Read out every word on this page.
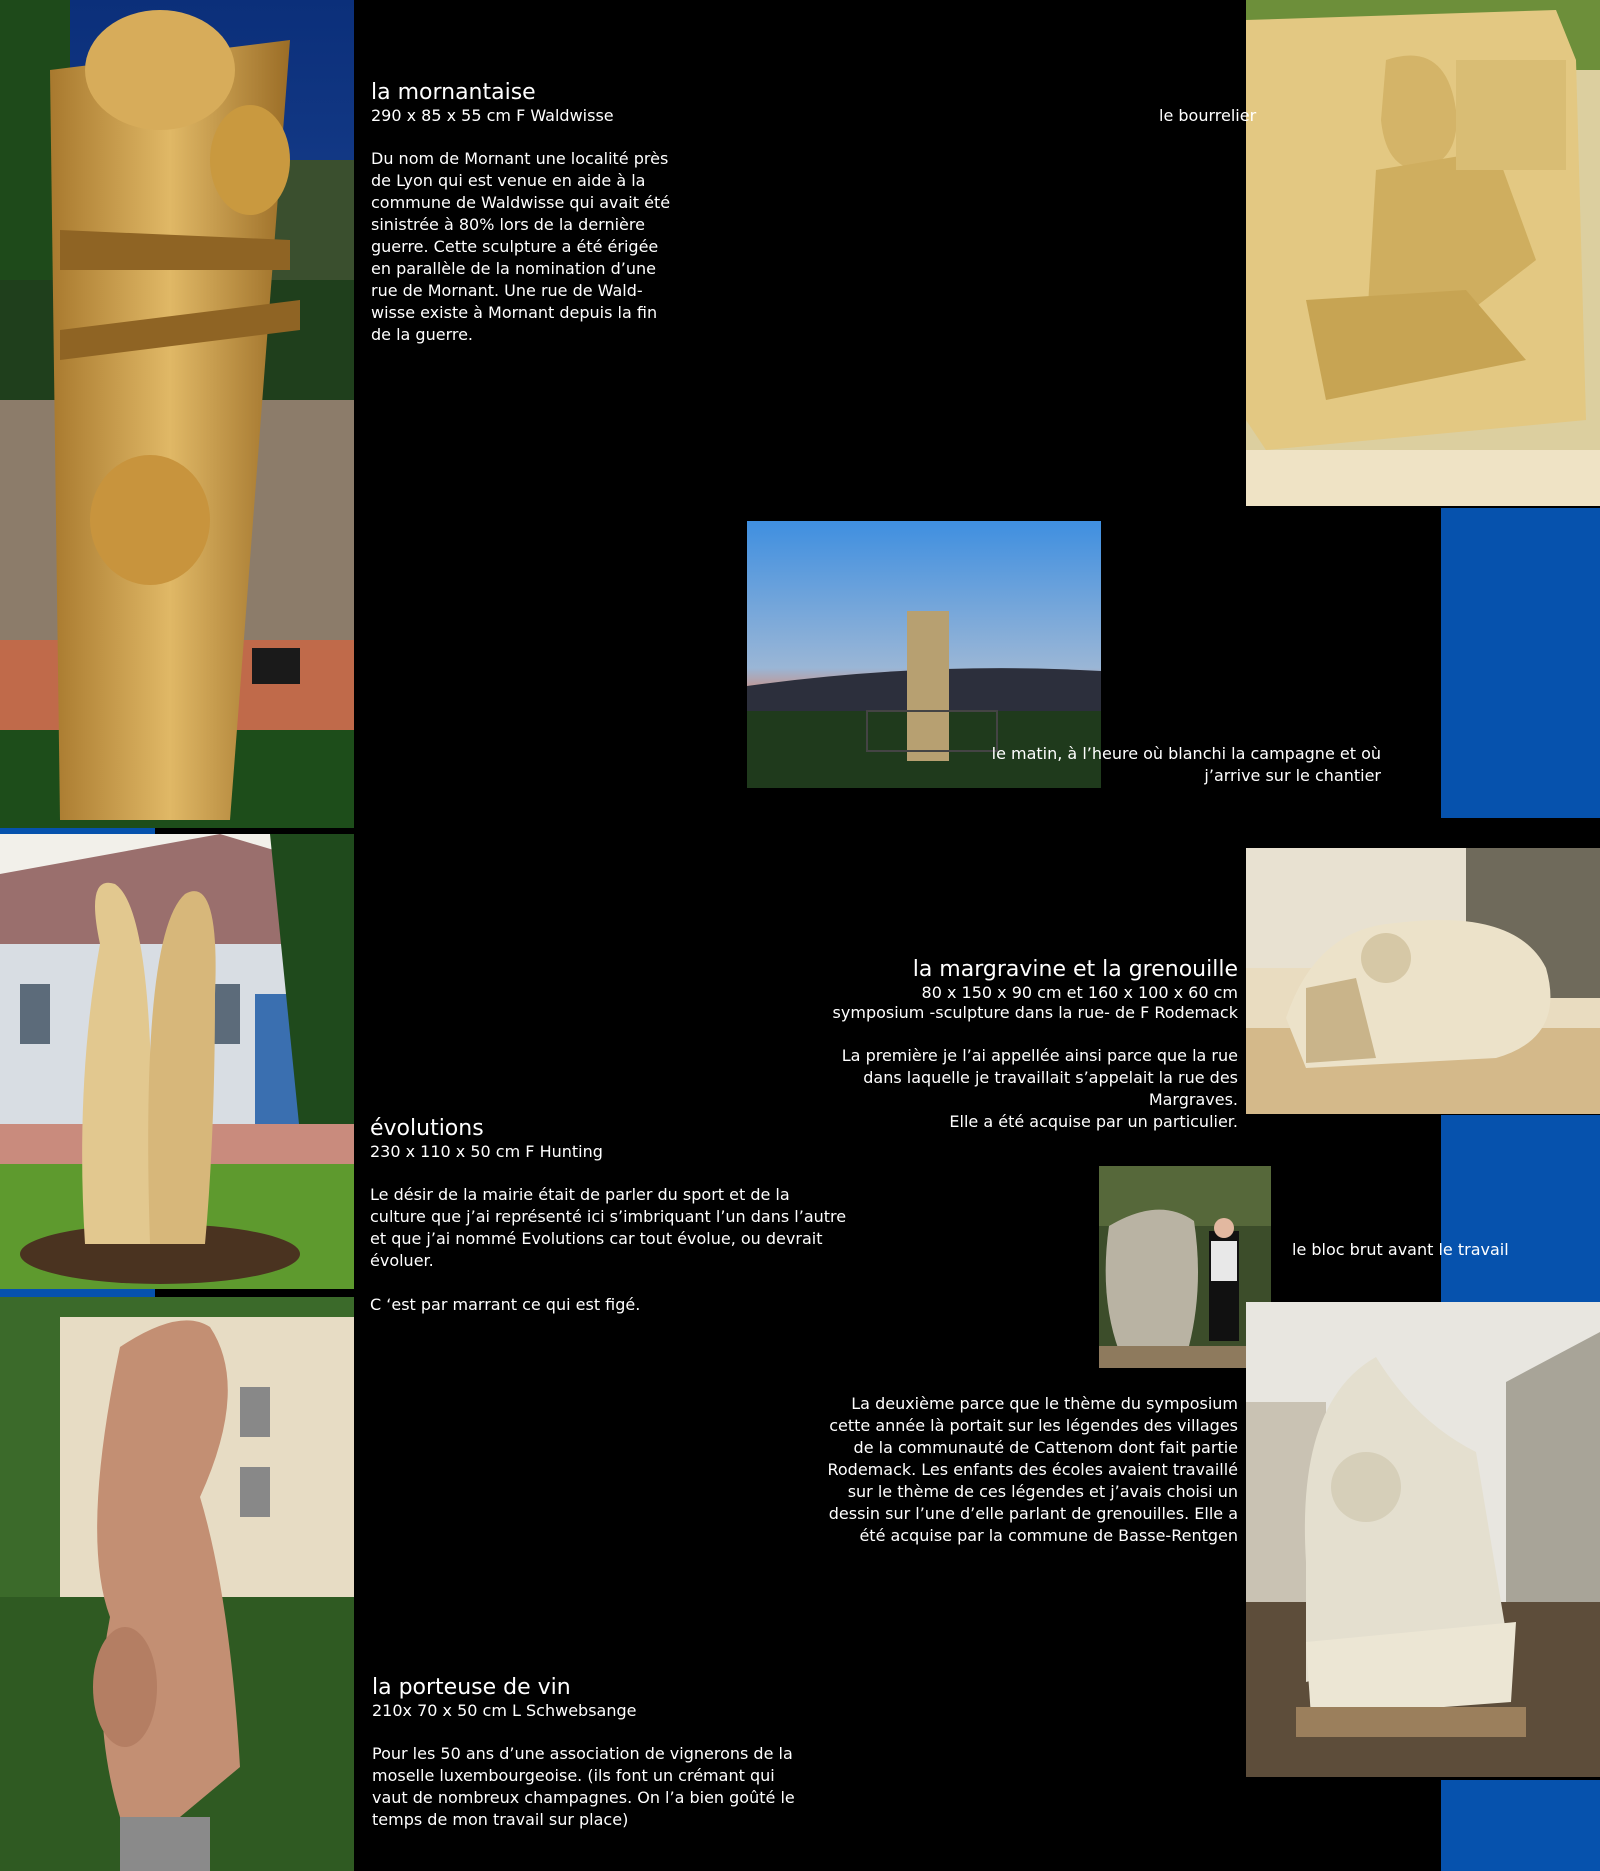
la mornantaise
290 x 85 x 55 cm F Waldwisse
Du nom de Mornant une localité près
de Lyon qui est venue en aide à la
commune de Waldwisse qui avait été
sinistrée à 80% lors de la dernière
guerre. Cette sculpture a été érigée
en parallèle de la nomination d’une
rue de Mornant. Une rue de Wald-
wisse existe à Mornant depuis la fin
de la guerre.
le bourrelier
le matin, à l’heure où blanchi la campagne et où
j’arrive sur le chantier
évolutions
230 x 110 x 50 cm F Hunting
Le désir de la mairie était de parler du sport et de la
culture que j’ai représenté ici s’imbriquant l’un dans l’autre
et que j’ai nommé Evolutions car tout évolue, ou devrait
évoluer.
C ‘est par marrant ce qui est figé.
la margravine et la grenouille
80 x 150 x 90 cm et 160 x 100 x 60 cm
symposium -sculpture dans la rue- de F Rodemack
La première je l’ai appellée ainsi parce que la rue
dans laquelle je travaillait s’appelait la rue des
Margraves.
Elle a été acquise par un particulier.
le bloc brut avant le travail
La deuxième parce que le thème du symposium
cette année là portait sur les légendes des villages
de la communauté de Cattenom dont fait partie
Rodemack. Les enfants des écoles avaient travaillé
sur le thème de ces légendes et j’avais choisi un
dessin sur l’une d’elle parlant de grenouilles. Elle a
été acquise par la commune de Basse-Rentgen
la porteuse de vin
210x 70 x 50 cm L Schwebsange
Pour les 50 ans d’une association de vignerons de la
moselle luxembourgeoise. (ils font un crémant qui
vaut de nombreux champagnes. On l’a bien goûté le
temps de mon travail sur place)
